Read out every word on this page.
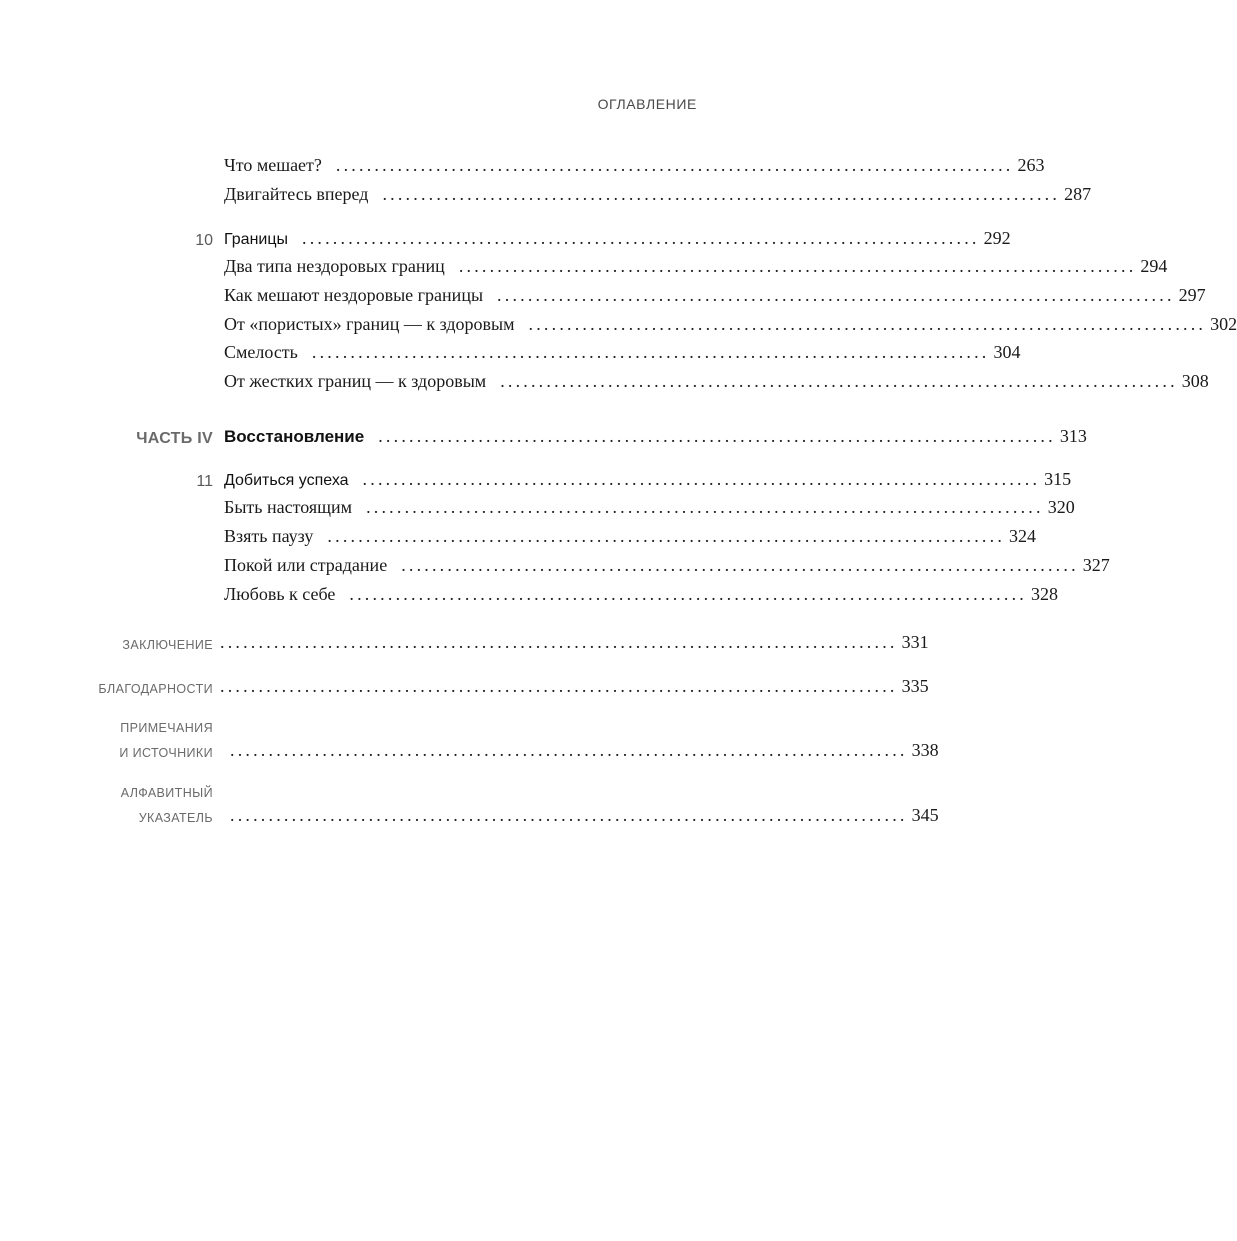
ОГЛАВЛЕНИЕ
Что мешает? ........................................................................................ 263
Двигайтесь вперед ........................................................................................ 287
10 Границы ........................................................................................ 292
Два типа нездоровых границ ........................................................................................ 294
Как мешают нездоровые границы ........................................................................................ 297
От «пористых» границ — к здоровым ........................................................................................ 302
Смелость ........................................................................................ 304
От жестких границ — к здоровым ........................................................................................ 308
ЧАСТЬ IV Восстановление ........................................................................................ 313
11 Добиться успеха ........................................................................................ 315
Быть настоящим ........................................................................................ 320
Взять паузу ........................................................................................ 324
Покой или страдание ........................................................................................ 327
Любовь к себе ........................................................................................ 328
ЗАКЛЮЧЕНИЕ ........................................................................................ 331
БЛАГОДАРНОСТИ ........................................................................................ 335
ПРИМЕЧАНИЯ
И ИСТОЧНИКИ ........................................................................................ 338
АЛФАВИТНЫЙ
УКАЗАТЕЛЬ ........................................................................................ 345
